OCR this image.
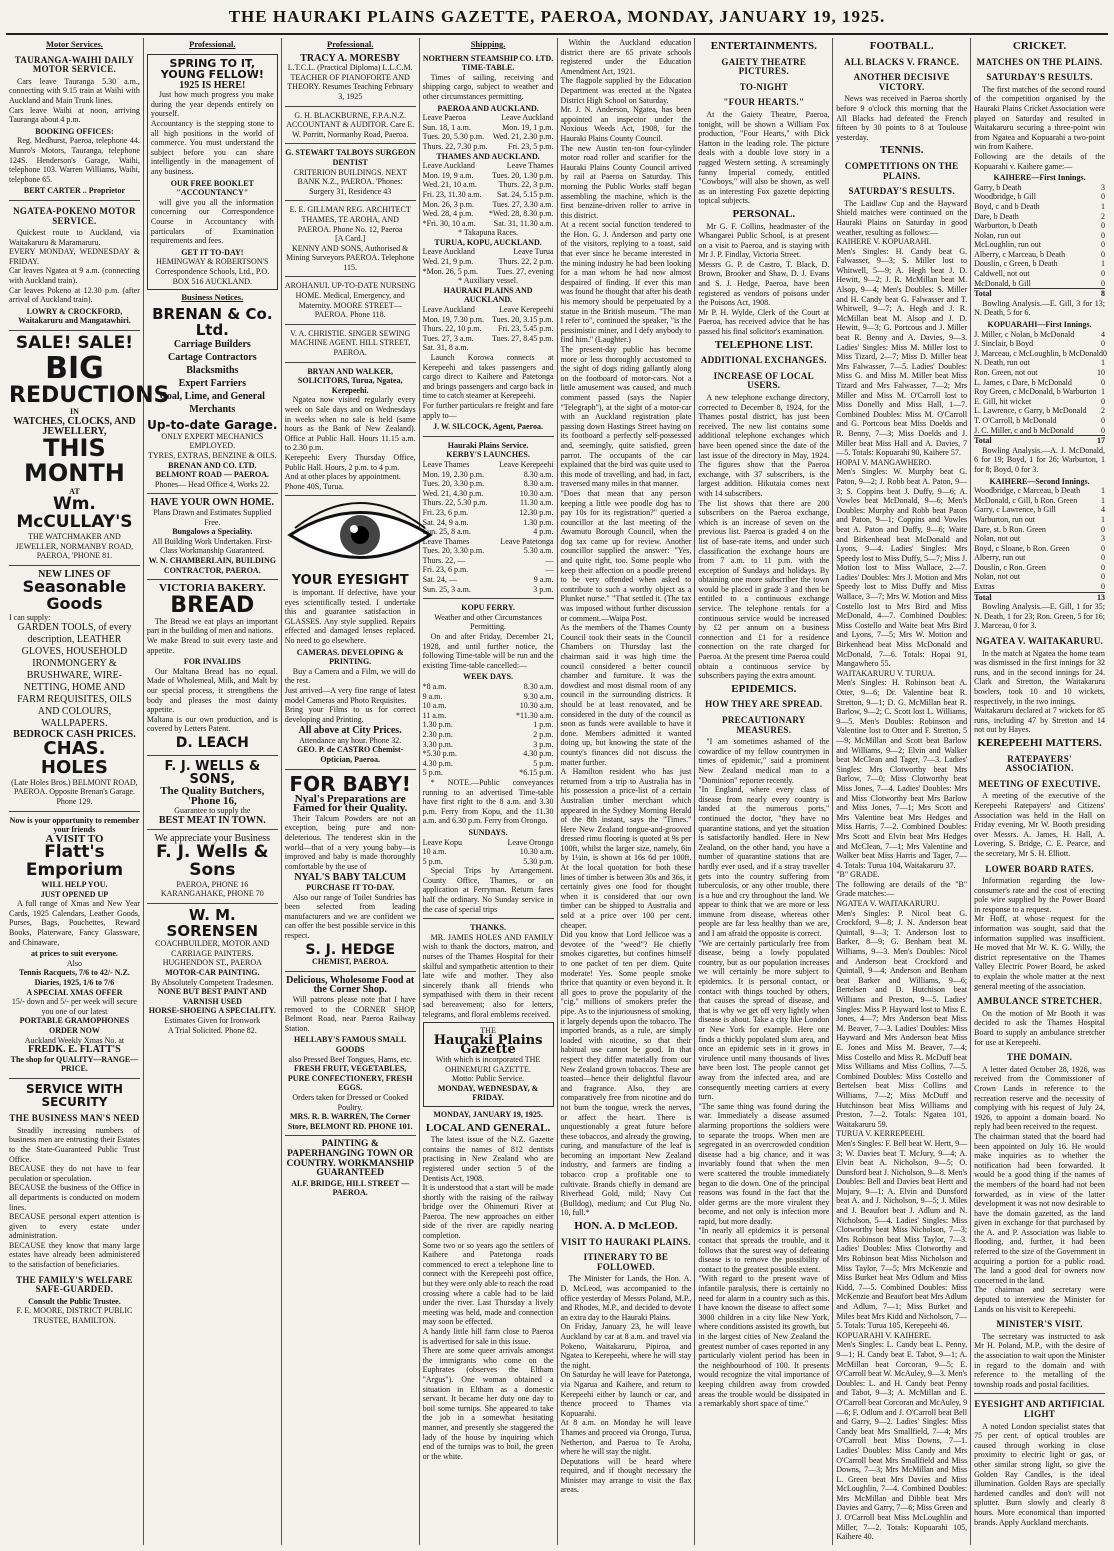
THE HAURAKI PLAINS GAZETTE, PAEROA, MONDAY, JANUARY 19, 1925.
Motor Services.
TAURANGA-WAIHI DAILY MOTOR SERVICE.
Cars leave Tauranga 5.30 a.m., connecting with 9.15 train at Waihi with Auckland and Main Trunk lines.
Cars leave Waihi at noon, arriving Tauranga about 4 p.m.
BOOKING OFFICES:
Reg. Medhurst, Paeroa, telephone 44. Munro's Motors, Tauranga, telephone 124S. Henderson's Garage, Waihi, telephone 103. Warren Williams, Waihi, telephone 65.
BERT CARTER .. Proprietor
NGATEA-POKENO MOTOR SERVICE.
Quickest route to Auckland, via Waitakaruru & Maramaruru.
EVERY MONDAY, WEDNESDAY & FRIDAY.
Car leaves Ngatea at 9 a.m. (connecting with Auckland train).
Car leaves Pokeno at 12.30 p.m. (after arrival of Auckland train).
LOWRY & CROCKFORD, Waitakaruru and Mangatawhiri.
SALE! SALE!
BIG
REDUCTIONS
IN
WATCHES, CLOCKS, AND JEWELLERY,
THIS MONTH
AT
Wm. McCULLAY'S
THE WATCHMAKER AND JEWELLER, NORMANBY ROAD, PAEROA, 'PHONE 81.
NEW LINES OF
Seasonable Goods
I can supply:
GARDEN TOOLS, of every description, LEATHER GLOVES, HOUSEHOLD IRONMONGERY & BRUSHWARE, WIRE-NETTING, HOME AND FARM REQUISITES, OILS AND COLOURS, WALLPAPERS.
BEDROCK CASH PRICES.
CHAS. HOLES
(Late Holes Bros.) BELMONT ROAD, PAEROA. Opposite Brenan's Garage. Phone 129.
Now is your opportunity to remember your friends
A VISIT TO
Flatt's Emporium
WILL HELP YOU.
JUST OPENED UP
A full range of Xmas and New Year Cards, 1925 Calendars, Leather Goods, Purses, Bags, Pouchettes, Reward Books, Platerware, Fancy Glassware, and Chinaware,
at prices to suit everyone.
Also
Tennis Racquets, 7/6 to 42/- N.Z. Diaries, 1925, 1/6 to 7/6
A SPECIAL XMAS OFFER
15/- down and 5/- per week will secure you one of our latest
PORTABLE GRAMOPHONES
ORDER NOW
Auckland Weekly Xmas No. at
FREDK. E. FLATT'S
The shop for QUALITY—RANGE—PRICE.
SERVICE WITH SECURITY
THE BUSINESS MAN'S NEED
Steadily increasing numbers of business men are entrusting their Estates to the State-Guaranteed Public Trust Office.
BECAUSE they do not have to fear peculation or speculation.
BECAUSE the business of the Office in all departments is conducted on modern lines.
BECAUSE personal expert attention is given to every estate under administration.
BECAUSE they know that many large estates have already been administered to the satisfaction of beneficiaries.
THE FAMILY'S WELFARE SAFE-GUARDED.
Consult the Public Trustee.
F. E. MOORE, DISTRICT PUBLIC TRUSTEE, HAMILTON.
Professional.
SPRING TO IT, YOUNG FELLOW!
1925 IS HERE!
Just how much progress you make during the year depends entirely on yourself.
Accountancy is the stepping stone to all high positions in the world of commerce. You must understand the subject before you can share intelligently in the management of any business.
OUR FREE BOOKLET "ACCOUNTANCY"
will give you all the information concerning our Correspondence Course in Accountancy with particulars of Examination requirements and fees.
GET IT TO-DAY!
HEMINGWAY & ROBERTSON'S Correspondence Schools, Ltd., P.O. BOX 516 AUCKLAND.
Business Notices.
BRENAN & Co. Ltd.
Carriage Builders
Cartage Contractors
Blacksmiths
Expert Farriers
Coal, Lime, and General Merchants
Up-to-date Garage.
ONLY EXPERT MECHANICS EMPLOYED.
TYRES, EXTRAS, BENZINE & OILS.
BRENAN AND CO. LTD. BELMONT ROAD — PAEROA.
Phones— Head Office 4, Works 22.
HAVE YOUR OWN HOME.
Plans Drawn and Estimates Supplied Free.
Bungalows a Speciality.
All Building Work Undertaken. First-Class Workmanship Guaranteed.
W. N. CHAMBERLAIN, BUILDING CONTRACTOR, PAEROA.
VICTORIA BAKERY.
BREAD
The Bread we eat plays an important part in the building of men and nations.
We make Bread to suit every taste and appetite.
FOR INVALIDS
Our Maltana Bread has no equal. Made of Wholemeal, Milk, and Malt by our special process, it strengthens the body and pleases the most dainty appetite.
Maltana is our own production, and is covered by Letters Patent.
D. LEACH
F. J. WELLS & SONS,
The Quality Butchers,
'Phone 16,
Guarantee to supply the
BEST MEAT IN TOWN.
We appreciate your Business
F. J. Wells & Sons
PAEROA, PHONE 16 KARANGAHAKE, PHONE 70
W. M. SORENSEN
COACHBUILDER, MOTOR AND CARRIAGE PAINTERS. HUGHENDON ST., PAEROA
MOTOR-CAR PAINTING.
By Absolutely Competent Tradesmen.
NONE BUT BEST PAINT AND VARNISH USED
HORSE-SHOEING A SPECIALITY.
Estimates Given for Ironwork
A Trial Solicited. Phone 82.
Professional.
TRACY A. MORESBY
L.T.C.L. (Practical Diploma) L.L.C.M. TEACHER OF PIANOFORTE AND THEORY. Resumes Teaching February 3, 1925
G. H. BLACKBURNE, F.P.A.N.Z. ACCOUNTANT & AUDITOR. Care E. W. Porritt, Normanby Road, Paeroa.
G. STEWART TALBOYS SURGEON DENTIST
CRITERION BUILDINGS. NEXT BANK N.Z., PAEROA. 'Phones: Surgery 31, Residence 43
E. E. GILLMAN REG. ARCHITECT THAMES, TE AROHA, AND PAEROA. Phone No. 12, Paeroa
[A Card.]
KENNY AND SONS, Authorised & Mining Surveyors PAEROA. Telephone 115.
AROHANUI. UP-TO-DATE NURSING HOME. Medical, Emergency, and Maternity. MOORE STREET—PAEROA. Phone 118.
V. A. CHRISTIE. SINGER SEWING MACHINE AGENT. HILL STREET, PAEROA.
BRYAN AND WALKER, SOLICITORS, Turua, Ngatea, Kerepeehi.
Ngatea now visited regularly every week on Sale days and on Wednesdays in weeks when no sale is held (same hours as the Bank of New Zealand). Office at Public Hall. Hours 11.15 a.m. to 2.30 p.m.
Kerepeehi: Every Thursday Office, Public Hall. Hours, 2 p.m. to 4 p.m.
And at other places by appointment.
Phone 40S, Turua.
YOUR EYESIGHT
is important. If defective, have your eyes scientifically tested. I undertake this and guarantee satisfaction in GLASSES. Any style supplied. Repairs effected and damaged lenses replaced. No need to go elsewhere.
CAMERAS. DEVELOPING & PRINTING.
Buy a Camera and a Film, we will do the rest.
Just arrived—A very fine range of latest model Cameras and Photo Requisites.
Bring your Films to us for correct developing and Printing.
All above at City Prices.
Attendance any hour. Phone 32.
GEO. P. de CASTRO Chemist-Optician, Paeroa.
FOR BABY!
Nyal's Preparations are Famed for their Quality.
Their Talcum Powders are not an exception, being pure and non-deleterious. The tenderest skin in the world—that of a very young baby—is improved and baby is made thoroughly comfortable by the use of
NYAL'S BABY TALCUM
PURCHASE IT TO-DAY.
Also our range of Toilet Sundries has been selected from leading manufacturers and we are confident we can offer the best possible service in this respect.
S. J. HEDGE
CHEMIST, PAEROA.
Delicious, Wholesome Food at the Corner Shop.
Will patrons please note that I have removed to the CORNER SHOP, Belmont Road, near Paeroa Railway Station.
HELLABY'S FAMOUS SMALL GOODS
also Pressed Beef Tongues, Hams, etc.
FRESH FRUIT, VEGETABLES, PURE CONFECTIONERY, FRESH EGGS.
Orders taken for Dressed or Cooked Poultry.
MRS. R. B. WARREN, The Corner Store, BELMONT RD. PHONE 101.
PAINTING & PAPERHANGING TOWN OR COUNTRY. WORKMANSHIP GUARANTEED
ALF. BRIDGE, HILL STREET — PAEROA.
Shipping.
NORTHERN STEAMSHIP CO. LTD.
TIME-TABLE.
Times of sailing, receiving and shipping cargo, subject to weather and other circumstances permitting.
PAEROA AND AUCKLAND.
Leave Paeroa	Leave Auckland
Sun. 18, 1 a.m.	Mon. 19, 1 p.m.
Tues. 20, 5.30 p.m. Wed. 21, 2.30 p.m.
Thurs. 22, 7.30 p.m.	Fri. 23, 5 p.m.
THAMES AND AUCKLAND.
Leave Auckland	Leave Thames
Mon. 19, 9 a.m. Tues. 20, 1.30 p.m.
Wed. 21, 10 a.m.	Thurs. 22, 3 p.m.
Fri. 23, 11.30 a.m. Sat. 24, 5.15 p.m.
Mon. 26, 3 p.m. Tues. 27, 3.30 a.m.
Wed. 28, 4 p.m. *Wed. 28, 8.30 p.m.
*Fri. 30, 10 a.m. Sat. 31, 11.30 a.m.
* Takapuna Races.
TURUA, KOPU, AUCKLAND.
Leave Auckland	Leave Turua
Wed. 21, 9 p.m.	Thurs. 22, 2 p.m.
*Mon. 26, 5 p.m. Tues. 27, evening
* Auxiliary vessel.
HAURAKI PLAINS AND AUCKLAND.
Leave Auckland	Leave Kerepeehi
Mon. 19, 7.30 p.m. Tues. 20, 3.15 p.m.
Thurs. 22, 10 p.m. Fri. 23, 5.45 p.m.
Tues. 27, 3 a.m. Tues. 27, 8.45 p.m.
Sat. 31, 8 a.m.
Launch Korowa connects at Kerepeehi and takes passengers and cargo direct to Kaihere and Patetonga and brings passengers and cargo back in time to catch steamer at Kerepeehi.
For further particulars re freight and fare apply to—
J. W. SILCOCK, Agent, Paeroa.
Hauraki Plains Service.
KERBY'S LAUNCHES.
Leave Thames	Leave Kerepeehi
Mon. 19, 2.30 p.m.	8.30 a.m.
Tues. 20, 3.30 p.m.	8.30 a.m.
Wed. 21, 4.30 p.m.	10.30 a.m.
Thurs. 22, 5.30 p.m.	11.30 a.m.
Fri. 23, 6 p.m.	12.30 p.m.
Sat. 24, 9 a.m.	1.30 p.m.
Sun. 25, 8 a.m.	4 p.m.
Leave Thames	Leave Patetonga
Tues. 20, 3.30 p.m.	5.30 a.m.
Thurs. 22, —	—
Fri. 23, 6 p.m.	—
Sat. 24, —	9 a.m.
Sun. 25, 3 a.m.	3 p.m.
KOPU FERRY.
Weather and other Circumstances Permitting.
On and after Friday, December 21, 1928, and until further notice, the following Time-table will be run and the existing Time-table cancelled:—
WEEK DAYS.
*8 a.m.	8.30 a.m.
9 a.m.	9.30 a.m.
10 a.m.	10.30 a.m.
11 a.m.	*11.30 a.m.
1.30 p.m.	1 p.m.
2.30 p.m.	2 p.m.
3.30 p.m.	3 p.m.
*5.30 p.m.	4.30 p.m.
4.30 p.m.	5 p.m.
5 p.m.	*6.15 p.m.
* NOTE.—Public conveyances running to an advertised Time-table have first right to the 8 a.m. and 3.30 p.m. Ferry from Kopu, and the 11.30 a.m. and 6.30 p.m. Ferry from Orongo.
SUNDAYS.
Leave Kopu	Leave Orongo
10 a.m.	10.30 a.m.
5 p.m.	5.30 p.m.
Special Trips by Arrangement. County Office, Thames, or on application at Ferryman. Return fares half the ordinary. No Sunday service in the case of special trips
THANKS.
MR. JAMES HOLES AND FAMILY wish to thank the doctors, matron, and nurses of the Thames Hospital for their skilful and sympathetic attention to their late wife and mother. They also sincerely thank all friends who sympathised with them in their recent sad bereavement; also for letters, telegrams, and floral emblems received.
THE
Hauraki Plains Gazette
With which is incorporated THE OHINEMURI GAZETTE.
Motto: Public Service.
MONDAY, WEDNESDAY, & FRIDAY.
MONDAY, JANUARY 19, 1925.
LOCAL AND GENERAL.
The latest issue of the N.Z. Gazette contains the names of 812 dentists practising in New Zealand who are registered under section 5 of the Dentists Act, 1908.
It is understood that a start will be made shortly with the raising of the railway bridge over the Ohinemuri River at Paeroa. The new approaches on either side of the river are rapidly nearing completion.
Some two or so years ago the settlers of Kaihere and Patetonga roads commenced to erect a telephone line to connect with the Kerepeehi post office, but they were only able to reach the road crossing where a cable had to be laid under the river. Last Thursday a lively meeting was held, made and connection may soon be effected.
A handy little hill farm close to Paeroa is advertised for sale in this issue.
There are some queer arrivals amongst the immigrants who come on the Euphrates (observes the Eltham "Argus"). One woman obtained a situation in Eltham as a domestic servant. It became her duty one day to boil some turnips. She appeared to take the job in a somewhat hesitating manner, and presently she staggered the lady of the house by inquiring which end of the turnips was to boil, the green or the white.
Within the Auckland education district there are 65 private schools registered under the Education Amendment Act, 1921.
The flagpole supplied by the Education Department was erected at the Ngatea District High School on Saturday.
Mr. J. N. Anderson, Ngatea, has been appointed an inspector under the Noxious Weeds Act, 1908, for the Hauraki Plains County Council.
The new Austin ten-ton four-cylinder motor road roller and scarifier for the Hauraki Plains County Council arrived by rail at Paeroa on Saturday. This morning the Public Works staff began assembling the machine, which is the first benzine-driven roller to arrive in this district.
At a recent social function tendered to the Hon. G. J. Anderson and party one of the visitors, replying to a toast, said that ever since he became interested in the mining industry he had been looking for a man whom he had now almost despaired of finding. If ever this man was found he thought that after his death his memory should be perpetuated by a statue in the British museum. "The man I refer to", continued the speaker, "is the pessimistic miner, and I defy anybody to find him." (Laughter.)
The present-day public has become more or less thoroughly accustomed to the sight of dogs riding gallantly along on the footboard of motor-cars. Not a little amusement was caused, and much comment passed (says the Napier "Telegraph"), at the sight of a motor-car with an Auckland registration plate passing down Hastings Street having on its footboard a perfectly self-possessed and, seemingly, quite satisfied, green parrot. The occupants of the car explained that the bird was quite used to this mode of travelling, and had, in fact, traversed many miles in that manner.
"Does that mean that any person keeping a little wee poodle dog has to pay 10s for its registration?" queried a councillor at the last meeting of the Awamutu Borough Council, when the dog tax came up for review. Another councillor supplied the answer: "Yes, and quite right, too. Some people who keep their affection on a poodle pretend to be very offended when asked to contribute to such a worthy object as a Plunket nurse." "That settled it. (The tax was imposed without further discussion or comment.—Waipa Post.
As the members of the Thames County Council took their seats in the Council Chambers on Thursday last the chairman said it was high time the council considered a better council chamber and furniture. It was the dowdiest and most dismal room of any council in the surrounding districts. It should be at least renovated, and be considered in the duty of the council as soon as funds were available to have it done. Members admitted it wanted doing up, but knowing the state of the county's finances did not discuss the matter further.
A Hamilton resident who has just returned from a trip to Australia has in his possession a price-list of a certain Australian timber merchant which appeared in the Sydney Morning Herald of the 8th instant, says the "Times." Here New Zealand tongue-and-grooved dressed rimu flooring is quoted at 9s per 100ft, whilst the larger size, namely, 6in by 1¼in, is shown at 16s 6d per 100ft. At the local quotation for both these lines of timber is between 30s and 36s, it certainly gives one food for thought when it is considered that our own timber can be shipped to Australia and sold at a price over 100 per cent. cheaper.
Did you know that Lord Jellicoe was a devotee of the "weed"? He chiefly smokes cigarettes, but confines himself to one packet of ten per diem. Quite moderate! Yes. Some people smoke thrice that quantity or even beyond it. It all goes to prove the popularity of the "cig." millions of smokers prefer the pipe. As to the injuriousness of smoking, it largely depends upon the tobacco. The imported brands, as a rule, are simply loaded with nicotine, so that their habitual use cannot be good. In that respect they differ materially from our New Zealand grown tobaccos. These are toasted—hence their delightful flavour and fragrance. Also, they are comparatively free from nicotine and do not burn the tongue, wreck the nerves, or affect the heart. There is unquestionably a great future before these tobaccos, and already the growing, curing, and manufacture of the leaf is becoming an important New Zealand industry, and farmers are finding a tobacco crop a profitable one to cultivate. Brands chiefly in demand are Riverhead Gold, mild; Navy Cut (Bulldog), medium; and Cut Plug No. 10, full.*
HON. A. D McLEOD.
VISIT TO HAURAKI PLAINS.
ITINERARY TO BE FOLLOWED.
The Minister for Lands, the Hon. A. D. McLeod, was accompanied to the office yesterday of Messrs Poland, M.P., and Rhodes, M.P., and decided to devote an extra day to the Hauraki Plains.
On Friday, January 23, he will leave Auckland by car at 8 a.m. and travel via Pokeno, Waitakaruru, Pipiroa, and Ngatea to Kerepeehi, where he will stay the night.
On Saturday he will leave for Patetonga, via Ngarua and Kaihere, and return to Kerepeehi either by launch or car, and thence proceed to Thames via Kopuarahi.
At 8 a.m. on Monday he will leave Thames and proceed via Orongo, Turua, Netherton, and Paeroa to Te Aroha, where he will stay the night.
Deputations will be heard where required, and if thought necessary the Minister may arrange to visit the flax areas.
ENTERTAINMENTS.
GAIETY THEATRE PICTURES.
TO-NIGHT
"FOUR HEARTS."
At the Gaiety Theatre, Paeroa, tonight, will be shown a William Fox production, "Four Hearts," with Dick Hatton in the leading role. The picture deals with a double love story in a rugged Western setting. A screamingly funny Imperial comedy, entitled "Cowboys," will also be shown, as well as an interesting Fox gazette depicting topical subjects.
PERSONAL.
Mr G. F. Collins, headmaster of the Whangarei Public School, is at present on a visit to Paeroa, and is staying with Mr J. P. Findlay, Victoria Street.
Messrs G. P. de Castro, T. Black, D. Brown, Brooker and Shaw, D. J. Evans and S. J. Hedge, Paeroa, have been registered as vendors of poisons under the Poisons Act, 1908.
Mr P. H. Wylde, Clerk of the Court at Paeroa, has received advice that he has passed his final solicitor's examination.
TELEPHONE LIST.
ADDITIONAL EXCHANGES.
INCREASE OF LOCAL USERS.
A new telephone exchange directory, corrected to December 8, 1924, for the Thames postal district, has just been received. The new list contains some additional telephone exchanges which have been opened since the date of the last issue of the directory in May, 1924. The figures show that the Paeroa exchange, with 37 subscribers, is the largest addition. Hikutaia comes next with 14 subscribers.
The list shows that there are 200 subscribers on the Paeroa exchange, which is an increase of seven on the previous list. Paeroa is graded 4 on the list of base-rate items, and under such classification the exchange hours are from 7 a.m. to 11 p.m. with the exception of Sundays and holidays. By obtaining one more subscriber the town would be placed in grade 3 and then be entitled to a continuous exchange service. The telephone rentals for a continuous service would be increased by £2 per annum on a business connection and £1 for a residence connection on the rate charged for Paeroa. At the present time Paeroa could obtain a continuous service by subscribers paying the extra amount.
EPIDEMICS.
HOW THEY ARE SPREAD.
PRECAUTIONARY MEASURES.
"I am sometimes ashamed of the cowardice of my fellow countrymen in times of epidemic," said a prominent New Zealand medical man to a "Dominion" reporter recently.
"In England, where every class of disease from nearly every country is landed at the numerous ports," continued the doctor, "they have no quarantine stations, and yet the situation is satisfactorily handled. Here in New Zealand, on the other hand, you have a number of quarantine stations that are hardly ever used, and if a stray traveller gets into the country suffering from tuberculosis, or any other trouble, there is a hue and cry throughout the land. We appear to think that we are more or less immune from disease, whereas other people are far less healthy than we are, and I am afraid the opposite is correct.
"We are certainly particularly free from disease, being a lowly populated country, but as our population increases we will certainly be more subject to epidemics. It is personal contact, or contact with things touched by others, that causes the spread of disease, and that is why we get off very lightly when disease is about. Take a city like London or New York for example. Here one finds a thickly populated slum area, and once an epidemic sets in it grows in virulence until many thousands of lives have been lost. The people cannot get away from the infected area, and are consequently meeting carriers at every turn.
"The same thing was found during the war. Immediately a disease assumed alarming proportions the soldiers were to separate the troops. When men are segregated in an overcrowded condition disease had a big chance, and it was invariably found that when the men were scattered the trouble immediately began to die down. One of the principal reasons was found in the fact that the older germs are the more virulent they become, and not only is infection more rapid, but more deadly.
"In nearly all epidemics it is personal contact that spreads the trouble, and it follows that the surest way of defeating disease is to remove the possibility of contact to the greatest possible extent.
"With regard to the present wave of infantile paralysis, there is certainly no need for alarm in a country such as this. I have known the disease to affect some 3000 children in a city like New York, where conditions assisted its growth, but in the largest cities of New Zealand the greatest number of cases reported in any particularly violent period has been in the neighbourhood of 100. It presents would recognize the vital importance of keeping children away from crowded areas the trouble would be dissipated in a remarkably short space of time."
FOOTBALL.
ALL BLACKS V. FRANCE.
ANOTHER DECISIVE VICTORY.
News was received in Paeroa shortly before 9 o'clock this morning that the All Blacks had defeated the French fifteen by 30 points to 8 at Toulouse yesterday.
TENNIS.
COMPETITIONS ON THE PLAINS.
SATURDAY'S RESULTS.
The Laidlaw Cup and the Hayward Shield matches were continued on the Hauraki Plains on Saturday in good weather, resulting as follows:—
KAIHERE V. KOPUARAHI.
Men's Singles: H. Candy beat G. Falwasser, 9—3; S. Miller lost to Whitwell, 5—9; A. Hegh beat J. D. Hewitt, 9—2; J. R. McMillan beat M. Alsop, 9—4; Men's Doubles: S. Miller and H. Candy beat G. Falwasser and T. Whitwell, 9—7; A. Hegh and J. R. McMillan beat M. Alsop and J. D. Hewitt, 9—3; G. Portcous and J. Miller beat R. Benny and A. Davies, 9—3. Ladies' Singles: Miss M. Miller lost to Miss Tizard, 2—7; Miss D. Miller beat Mrs Falwasser, 7—5. Ladies' Doubles: Miss G. and Miss M. Miller beat Miss Tizard and Mrs Falwasser, 7—2; Mrs Miller and Miss M. O'Carroll lost to Miss Donelly and Miss Hall, 1—7. Combined Doubles: Miss M. O'Carroll and G. Portcous beat Miss Doelds and R. Benny, 7—3; Miss Doelds and J. Miller beat Miss Hall and A. Davies, 7—5. Totals: Kopuarahi 90, Kaihere 57.
HOPAI V. MANGAWHERO.
Men's Singles: W. Murphy beat G. Paton, 9—2; J. Robb beat A. Paton, 9—3; S. Coppins beat J. Duffy, 9—6; A. Vowles beat McDonald, 9—6; Men's Doubles: Murphy and Robb beat Paton and Paton, 9—1; Coppins and Vowles beat A. Paton and Duffy, 9—6; Waite and Birkenhead beat McDonald and Lyons, 9—4. Ladies' Singles: Mrs Speedy lost to Miss Duffy, 5—7; Miss J. Motion lost to Miss Wallace, 2—7. Ladies' Doubles: Mrs J. Motion and Mrs Speedy lost to Miss Duffy and Miss Wallace, 3—7; Mrs W. Motion and Miss Costello lost to Mrs Bird and Miss McDonald, 4—7. Combined Doubles: Miss Costello and Waite beat Mrs Bird and Lyons, 7—5; Mrs W. Motion and Birkenhead beat Miss McDonald and McDonald, 7—6. Totals: Hopai 91, Mangawhero 55.
WAITAKARURU V. TURUA.
Men's Singles: H. Robinson beat A. Otter, 9—6; Dr. Valentine beat R. Stretton, 9—1; D. G. McMillan beat R. Barlow, 9—2; C. Scott lost L. Williams, 9—5. Men's Doubles: Robinson and Valentine lost to Otter and F. Stretton, 5—9; McMillan and Scott beat Barlow and Williams, 9—2; Elvin and Walker beat McClean and Tager, 7—3. Ladies' Singles: Mrs Clotworthy beat Mrs Barlow, 7—0; Miss Clotworthy beat Miss Jones, 7—4. Ladies' Doubles: Mrs and Miss Clotworthy beat Mrs Barlow and Miss Jones, 7—1; Mrs Scott and Mrs Valentine beat Mrs Hedges and Miss Harris, 7—2. Combined Doubles: Mrs Scott and Elvin beat Mrs Hedges and McClean, 7—1; Mrs Valentine and Walker beat Miss Harris and Tager, 7—4. Totals: Turua 104, Waitakaruru 37.
"B" GRADE.
The following are details of the "B" Grade matches:—
NGATEA V. WAITAKARURU.
Men's Singles: P. Nicol beat G. Crockford, 9—8; J. N. Anderson beat Quintall, 9—3; T. Anderson lost to Barker, 8—9; G. Benham beat M. Williams, 9—3. Men's Doubles: Nicol and Anderson beat Crockford and Quintall, 9—4; Anderson and Benham beat Barker and Williams, 9—6; Bertelsen and D. Hutchison beat Williams and Preston, 9—5. Ladies' Singles: Miss P. Hayward lost to Miss E. Jones, 4—7; Mrs Anderson beat Miss M. Beaver, 7—3. Ladies' Doubles: Miss Hayward and Mrs Anderson beat Miss E. Jones and Miss M. Beaver, 7—4; Miss Costello and Miss R. McDuff beat Miss Williams and Miss Collins, 7—5. Combined Doubles: Miss Costello and Bertelsen beat Miss Collins and Williams, 7—2; Miss McDuff and Hutchinson beat Miss Williams and Preston, 7—2. Totals: Ngatea 101, Waitakaruru 59.
TURUA V. KERREPEEHI.
Men's Singles: F. Bell beat W. Hertt, 9—3; W. Davies beat T. McJury, 9—4; A. Elvin beat A. Nicholson, 9—5; O. Dunsford beat J. Nicholson, 9—8. Men's Doubles: Bell and Davies beat Hertt and Mujary, 9—1; A. Elvin and Dunsford beat A. and J. Nicholson, 9—5; J. Miles and J. Beaufort beat J. Adlum and N. Nicholson, 5—4. Ladies' Singles: Miss Clotworthy beat Miss Nicholson, 7—3; Mrs Robinson beat Miss Taylor, 7—3. Ladies' Doubles: Miss Clotworthy and Mrs Robinson beat Miss Nicholson and Miss Taylor, 7—5; Mrs McKenzie and Miss Burket beat Mrs Odlum and Miss Kidd, 7—5. Combined Doubles: Miss McKenzie and Beaufort beat Mrs Adlum and Adlum, 7—1; Miss Burket and Miles beat Mrs Kidd and Nicholson, 7—5. Totals: Turua 105, Kerepeehi 46.
KOPUARAHI V. KAIHERE.
Men's Singles: L. Candy beat L. Penny, 9—1; H. Candy beat E. Tabot, 9—1; A. McMillan beat Corcoran, 9—5; E. O'Carroll beat W. McAuley, 9—3. Men's Doubles: L. and H. Candy beat Penny and Tabot, 9—3; A. McMillan and E. O'Carroll beat Corcoran and McAuley, 9—6; F. Odlum and J. O'Carroll beat Bell and Garry, 9—2. Ladies' Singles: Miss Candy beat Mrs Smallfield, 7—4; Mrs O'Carroll beat Miss Downs, 7—1. Ladies' Doubles: Miss Candy and Mrs O'Carroll beat Mrs Smallfield and Miss Downs, 7—3; Mrs McMillan and Miss L. Green beat Mrs Davies and Miss McLoughlin, 7—4. Combined Doubles: Mrs McMillan and Dibble beat Mrs Davies and Garry, 7—6; Miss Green and J. O'Carroll beat Miss McLoughlin and Miller, 7—2. Totals: Kopuarahi 105, Kaihere 40.
CRICKET.
MATCHES ON THE PLAINS.
SATURDAY'S RESULTS.
The first matches of the second round of the competition organised by the Hauraki Plains Cricket Association were played on Saturday and resulted in Waitakaruru securing a three-point win from Ngatea and Kopuarahi a two-point win from Kaihere.
Following are the details of the Kopuarahi v. Kaihere game:—
KAIHERE—First Innings.
Garry, b Death	3
Woodbridge, b Gill	0
Boyd, c and b Death	1
Dare, b Death	2
Warburton, b Death	0
Nolan, run out	0
McLoughlin, run out	0
Alberry, c Marceau, b Death	0
Douslin, c Green, b Death	1
Caldwell, not out	0
McDonald, b Gill	0
Total	8
Bowling Analysis.—E. Gill, 3 for 13; N. Death, 5 for 6.
KOPUARAHI—First Innings.
J. Miller, c Nolan, b McDonald	4
J. Sinclair, b Boyd	0
J. Marceau, c McLoughlin, b McDonald 0
N. Death, run out	1
Ron. Green, not out	10
L. James, c Dare, b McDonald	0
Roy Green, c McDonald, b Warburton 1
E. Gill, hit wicket	0
L. Lawrence, c Garry, b McDonald 2
T. O'Carroll, b McDonald	0
J. C. Miller, c and b McDonald	0
Total	17
Bowling Analysis.—A. J. McDonald, 6 for 19; Boyd, 1 for 26; Warburton, 1 for 8; Boyd, 0 for 3.
KAIHERE—Second Innings.
Woodbridge, c Marceau, b Death	1
McDonald, c Gill, b Ron. Green	1
Garry, c Lawrence, b Gill	4
Warburton, run out	1
Dare, st. b Ron. Green	0
Nolan, not out	3
Boyd, c Sloane, b Ron. Green	0
Alberry, run out	0
Douslin, c Ron. Green	0
Nolan, not out	0
Extras	0
Total	13
Bowling Analysis.—E. Gill, 1 for 35; N. Death, 1 for 23; Ron. Green, 5 for 16; J. Marceau, 0 for 3.
NGATEA V. WAITAKARURU.
In the match at Ngatea the home team was dismissed in the first innings for 32 runs, and in the second innings for 24. Clark and Stretton, the Waitakaruru bowlers, took 10 and 10 wickets, respectively, in the two innings.
Waitakaruru declared at 7 wickets for 85 runs, including 47 by Stretton and 14 not out by Hayes.
KEREPEEHI MATTERS.
RATEPAYERS' ASSOCIATION.
MEETING OF EXECUTIVE.
A meeting of the executive of the Kerepeehi Ratepayers' and Citizens' Association was held in the Hall on Friday evening, Mr W. Booth presiding over Messrs. A. James, H. Hall, A. Lovering, S. Bridge, C. E. Pearce, and the secretary, Mr S. H. Elliott.
LOWER BOARD RATES.
Information regarding the low-consumer's rate and the cost of erecting pole wire supplied by the Power Board in response to a request.
Mr Hoff, at whose request for the information was sought, said that the information supplied was insufficient. He moved that Mr W. K. G. Willy, the district representative on the Thames Valley Electric Power Board, be asked to explain the whole matter at the next general meeting of the association.
AMBULANCE STRETCHER.
On the motion of Mr Booth it was decided to ask the Thames Hospital Board to supply an ambulance stretcher for use at Kerepeehi.
THE DOMAIN.
A letter dated October 28, 1926, was received from the Commissioner of Crown Lands in reference to the recreation reserve and the necessity of complying with his request of July 24, 1926, to appoint a domain board. No reply had been received to the request.
The chairman stated that the board had been appointed on July 16. He would make inquiries as to whether the notification had been forwarded. It would be a good thing if the names of the members of the board had not been forwarded, as in view of the latter development it was not now desirable to have the domain gazetted, as the land given in exchange for that purchased by the A. and P. Association was liable to flooding, and, further, it had been referred to the size of the Government in acquiring a portion for a public road. The land a good deal for owners now concerned in the land.
The chairman and secretary were deputed to interview the Minister for Lands on his visit to Kerepeehi.
MINISTER'S VISIT.
The secretary was instructed to ask Mr H. Poland, M.P., with the desire of the association to wait upon the Minister in regard to the domain and with reference to the metalling of the township roads and postal facilities.
EYESIGHT AND ARTIFICIAL LIGHT
A noted London specialist states that 75 per cent. of optical troubles are caused through working in close proximity to electric light or gas, or other similar strong light, so give the Golden Ray Candles, is the ideal illumination. Golden Rays are specially hardened candles and don't will not splutter. Burn slowly and clearly 8 hours. More economical than imported brands. Apply Auckland merchants.
